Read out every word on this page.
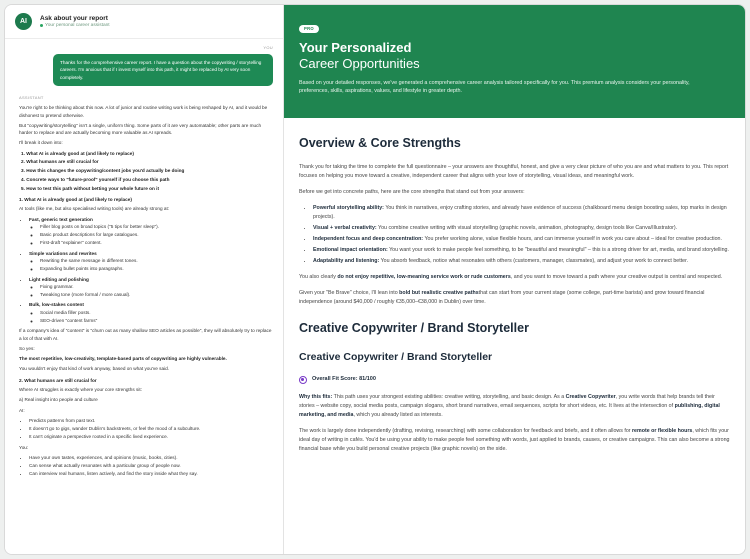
AI	Ask about your report
Your personal career assistant
YOU
Thanks for the comprehensive career report. I have a question about the copywriting / storytelling careers. I'm anxious that if I invest myself into this path, it might be replaced by AI very soon completely.
ASSISTANT

You're right to be thinking about this now. A lot of junior and routine writing work is being reshaped by AI, and it would be dishonest to pretend otherwise.

But "copywriting/storytelling" isn't a single, uniform thing. Some parts of it are very automatable; other parts are much harder to replace and are actually becoming more valuable as AI spreads.

I'll break it down into:

1. What AI is already good at (and likely to replace)
2. What humans are still crucial for
3. How this changes the copywriting/content jobs you'd actually be doing
4. Concrete ways to "future-proof" yourself if you choose this path
5. How to test this path without betting your whole future on it
1. What AI is already good at (and likely to replace)

AI tools (like me, but also specialised writing tools) are already strong at:

• Fast, generic text generation
◦ Filler blog posts on broad topics ("5 tips for better sleep").
◦ Basic product descriptions for large catalogues.
◦ First-draft "explainer" content.
• Simple variations and rewrites
◦ Rewriting the same message in different tones.
◦ Expanding bullet points into paragraphs.
• Light editing and polishing
◦ Fixing grammar.
◦ Tweaking tone (more formal / more casual).
• Bulk, low-stakes content
◦ Social media filler posts.
◦ SEO-driven "content farms"

If a company's idea of "content" is "churn out as many shallow SEO articles as possible", they will absolutely try to replace a lot of that with AI.

So yes:

The most repetitive, low-creativity, template-based parts of copywriting are highly vulnerable.

You wouldn't enjoy that kind of work anyway, based on what you've said.

2. What humans are still crucial for

Where AI struggles is exactly where your core strengths sit:

a) Real insight into people and culture

AI:

• Predicts patterns from past text.
• It doesn't go to gigs, wander Dublin's backstreets, or feel the mood of a subculture.
• It can't originate a perspective rooted in a specific lived experience.

You:

• Have your own tastes, experiences, and opinions (music, books, cities).
• Can sense what actually resonates with a particular group of people now.
• Can interview real humans, listen actively, and find the story inside what they say.
PRO
Your Personalized
Career Opportunities

Based on your detailed responses, we've generated a comprehensive career analysis tailored specifically for you. This premium analysis considers your personality, preferences, skills, aspirations, values, and lifestyle in greater depth.

Overview & Core Strengths

Thank you for taking the time to complete the full questionnaire – your answers are thoughtful, honest, and give a very clear picture of who you are and what matters to you. This report focuses on helping you move toward a creative, independent career that aligns with your love of storytelling, visual ideas, and meaningful work.

Before we get into concrete paths, here are the core strengths that stand out from your answers:

• Powerful storytelling ability: You think in narratives, enjoy crafting stories, and already have evidence of success (chalkboard menu design boosting sales, top marks in design projects).
• Visual + verbal creativity: You combine creative writing with visual storytelling (graphic novels, animation, photography, design tools like Canva/Illustrator).
• Independent focus and deep concentration: You prefer working alone, value flexible hours, and can immerse yourself in work you care about – ideal for creative production.
• Emotional impact orientation: You want your work to make people feel something, to be "beautiful and meaningful" – this is a strong driver for art, media, and brand storytelling.
• Adaptability and listening: You absorb feedback, notice what resonates with others (customers, manager, classmates), and adjust your work to connect better.

You also clearly do not enjoy repetitive, low-meaning service work or rude customers, and you want to move toward a path where your creative output is central and respected.

Given your "Be Brave" choice, I'll lean into bold but realistic creative pathsthat can start from your current stage (some college, part-time barista) and grow toward financial independence (around $40,000 / roughly €35,000–€38,000 in Dublin) over time.

Creative Copywriter / Brand Storyteller
Creative Copywriter / Brand Storyteller
Overall Fit Score: 81/100

Why this fits: This path uses your strongest existing abilities: creative writing, storytelling, and basic design. As a Creative Copywriter, you write words that help brands tell their stories – website copy, social media posts, campaign slogans, short brand narratives, email sequences, scripts for short videos, etc. It lives at the intersection of publishing, digital marketing, and media, which you already listed as interests.

The work is largely done independently (drafting, revising, researching) with some collaboration for feedback and briefs, and it often allows for remote or flexible hours, which fits your ideal day of writing in cafés. You'd be using your ability to make people feel something with words, just applied to brands, causes, or creative campaigns. This can also become a strong financial base while you build personal creative projects (like graphic novels) on the side.
